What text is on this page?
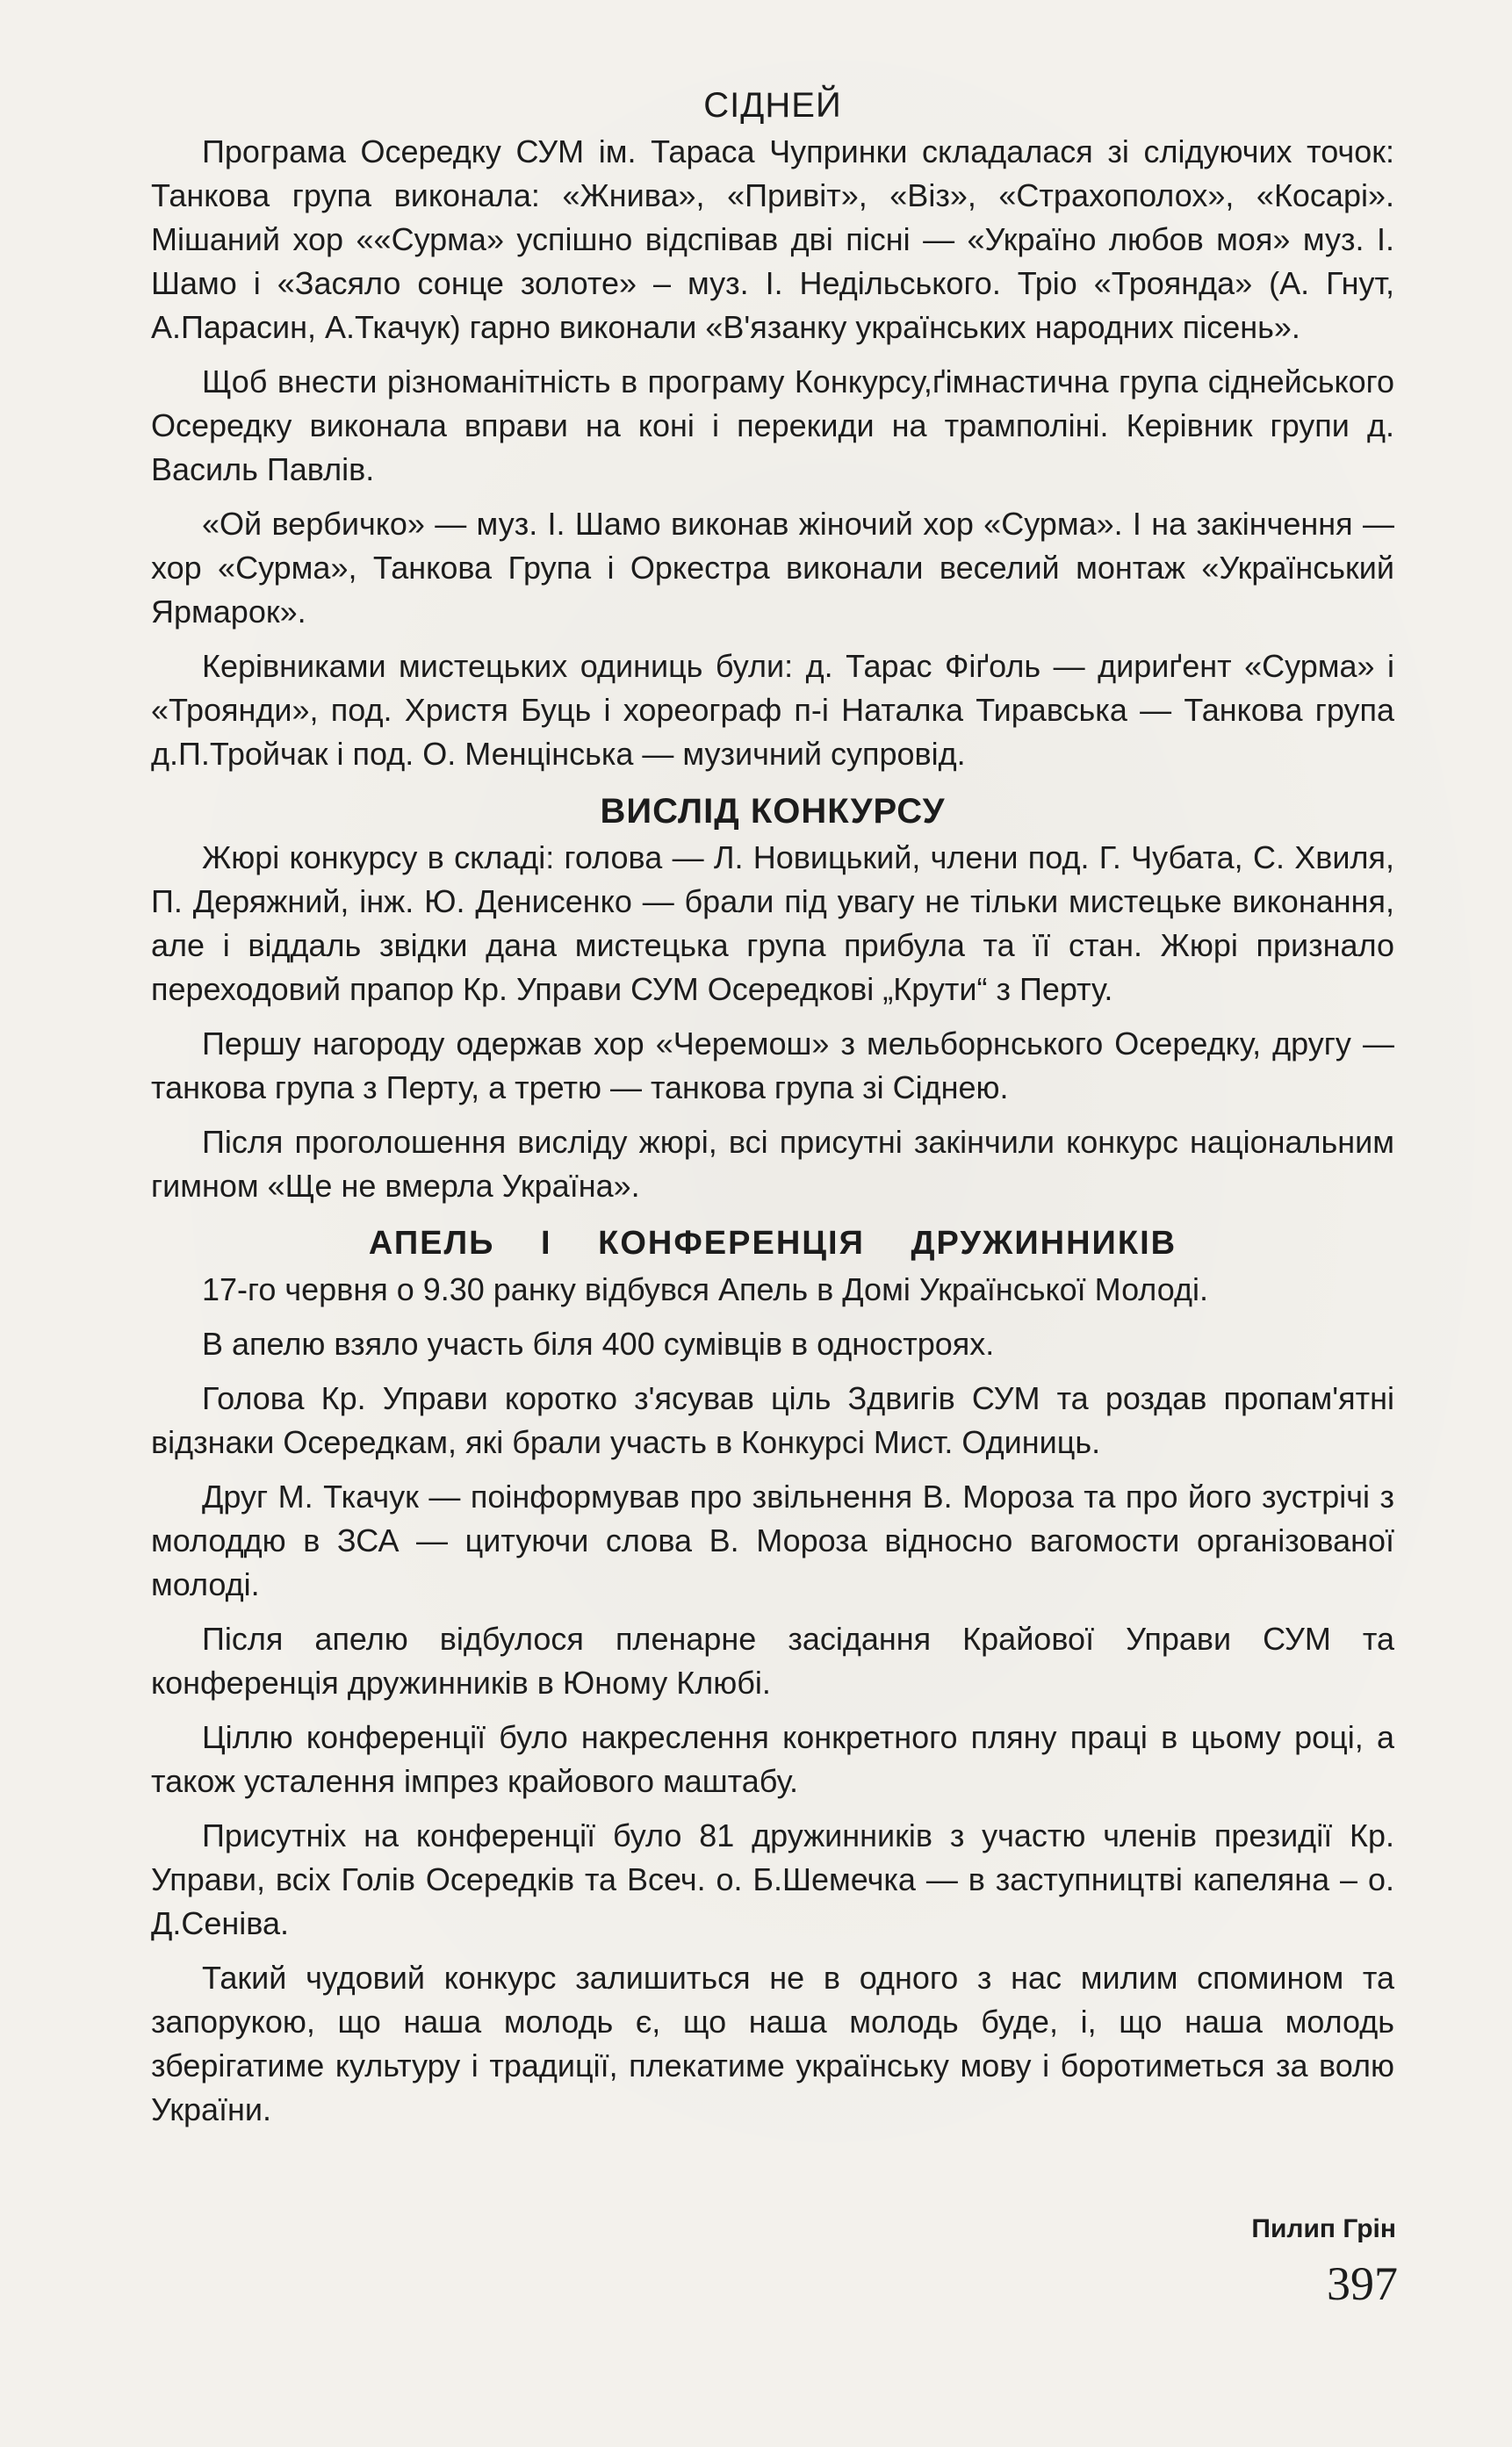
СІДНЕЙ

Програма Осередку СУМ ім. Тараса Чупринки складалася зі слідуючих точок: Танкова група виконала: «Жнива», «Привіт», «Віз», «Страхополох», «Косарі». Мішаний хор ««Сурма» успішно відспівав дві пісні — «Україно любов моя» муз. І. Шамо і «Засяло сонце золоте» – муз. І. Недільського. Тріо «Троянда» (А. Гнут, А.Парасин, А.Ткачук) гарно виконали «В'язанку українських народних пісень».

Щоб внести різноманітність в програму Конкурсу,ґімнастична група сіднейського Осередку виконала вправи на коні і перекиди на трамполіні. Керівник групи д. Василь Павлів.

«Ой вербичко» — муз. І. Шамо виконав жіночий хор «Сурма». І на закінчення — хор «Сурма», Танкова Група і Оркестра виконали веселий монтаж «Український Ярмарок».

Керівниками мистецьких одиниць були: д. Тарас Фіґоль — дириґент «Сурма» і «Троянди», под. Христя Буць і хореограф п-і Наталка Тиравська — Танкова група д.П.Тройчак і под. О. Менцінська — музичний супровід.

ВИСЛІД КОНКУРСУ

Жюрі конкурсу в складі: голова — Л. Новицький, члени под. Г. Чубата, С. Хвиля, П. Деряжний, інж. Ю. Денисенко — брали під увагу не тільки мистецьке виконання, але і віддаль звідки дана мистецька група прибула та її стан. Жюрі признало переходовий прапор Кр. Управи СУМ Осередкові „Крути“ з Перту.

Першу нагороду одержав хор «Черемош» з мельборнського Осередку, другу — танкова група з Перту, а третю — танкова група зі Сіднею.

Після проголошення висліду жюрі, всі присутні закінчили конкурс національним гимном «Ще не вмерла Україна».

АПЕЛЬ І КОНФЕРЕНЦІЯ ДРУЖИННИКІВ

17-го червня о 9.30 ранку відбувся Апель в Домі Української Молоді.

В апелю взяло участь біля 400 сумівців в одностроях.

Голова Кр. Управи коротко з'ясував ціль Здвигів СУМ та роздав пропам'ятні відзнаки Осередкам, які брали участь в Конкурсі Мист. Одиниць.

Друг М. Ткачук — поінформував про звільнення В. Мороза та про його зустрічі з молоддю в ЗСА — цитуючи слова В. Мороза відносно вагомости організованої молоді.

Після апелю відбулося пленарне засідання Крайової Управи СУМ та конференція дружинників в Юному Клюбі.

Ціллю конференції було накреслення конкретного пляну праці в цьому році, а також усталення імпрез крайового маштабу.

Присутніх на конференції було 81 дружинників з участю членів президії Кр. Управи, всіх Голів Осередків та Всеч. о. Б.Шемечка — в заступництві капеляна – о. Д.Сеніва.

Такий чудовий конкурс залишиться не в одного з нас милим споминoм та запорукою, що наша молодь є, що наша молодь буде, і, що наша молодь зберігатиме культуру і традиції, плекатиме українську мову і боротиметься за волю України.

Пилип Грін
397
